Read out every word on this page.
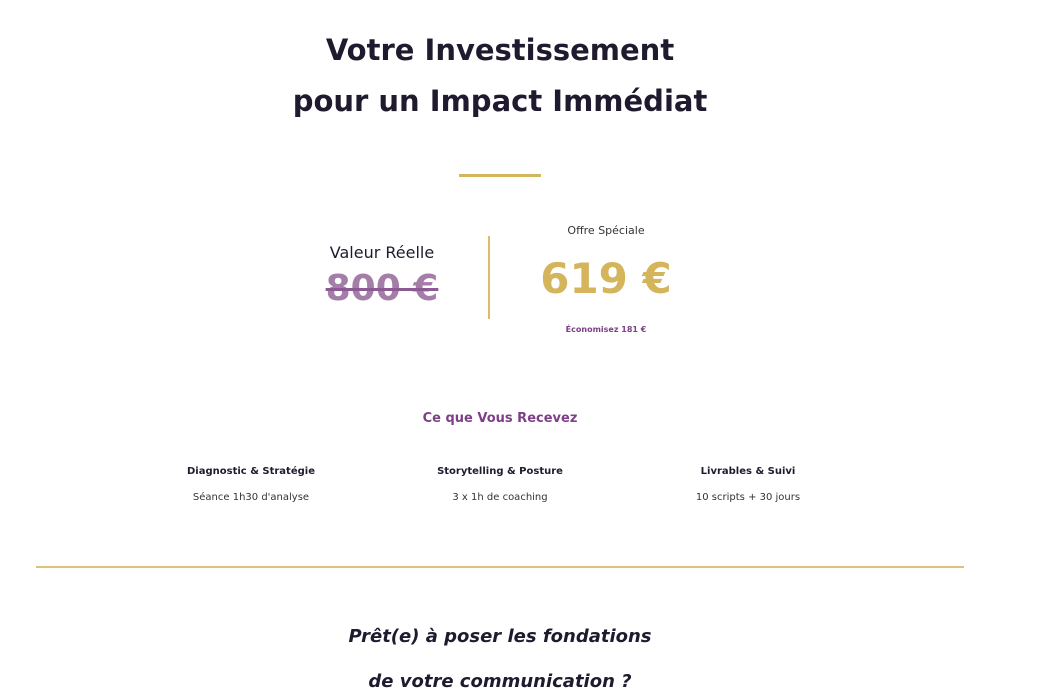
Votre Investissement
pour un Impact Immédiat
Valeur Réelle
800 €
Offre Spéciale
619 €
Économisez 181 €
Ce que Vous Recevez
Diagnostic & Stratégie
Séance 1h30 d'analyse
Storytelling & Posture
3 x 1h de coaching
Livrables & Suivi
10 scripts + 30 jours
Prêt(e) à poser les fondations
de votre communication ?
